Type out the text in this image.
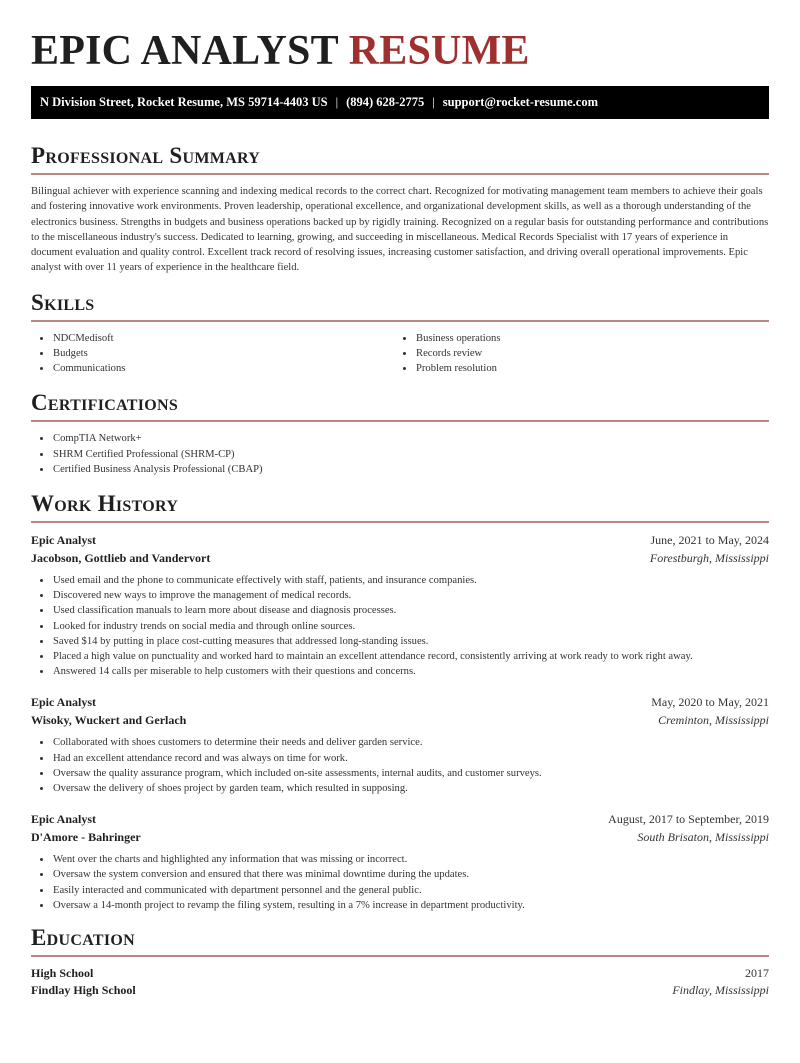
EPIC ANALYST RESUME
N Division Street, Rocket Resume, MS 59714-4403 US | (894) 628-2775 | support@rocket-resume.com
Professional Summary

Bilingual achiever with experience scanning and indexing medical records to the correct chart. Recognized for motivating management team members to achieve their goals and fostering innovative work environments. Proven leadership, operational excellence, and organizational development skills, as well as a thorough understanding of the electronics business. Strengths in budgets and business operations backed up by rigidly training. Recognized on a regular basis for outstanding performance and contributions to the miscellaneous industry's success. Dedicated to learning, growing, and succeeding in miscellaneous. Medical Records Specialist with 17 years of experience in document evaluation and quality control. Excellent track record of resolving issues, increasing customer satisfaction, and driving overall operational improvements. Epic analyst with over 11 years of experience in the healthcare field.

Skills
NDCMedisoft
Budgets
Communications
Business operations
Records review
Problem resolution
Certifications
CompTIA Network+
SHRM Certified Professional (SHRM-CP)
Certified Business Analysis Professional (CBAP)
Work History
Epic Analyst	June, 2021 to May, 2024
Jacobson, Gottlieb and Vandervort	Forestburgh, Mississippi
Used email and the phone to communicate effectively with staff, patients, and insurance companies.
Discovered new ways to improve the management of medical records.
Used classification manuals to learn more about disease and diagnosis processes.
Looked for industry trends on social media and through online sources.
Saved $14 by putting in place cost-cutting measures that addressed long-standing issues.
Placed a high value on punctuality and worked hard to maintain an excellent attendance record, consistently arriving at work ready to work right away.
Answered 14 calls per miserable to help customers with their questions and concerns.
Epic Analyst	May, 2020 to May, 2021
Wisoky, Wuckert and Gerlach	Creminton, Mississippi
Collaborated with shoes customers to determine their needs and deliver garden service.
Had an excellent attendance record and was always on time for work.
Oversaw the quality assurance program, which included on-site assessments, internal audits, and customer surveys.
Oversaw the delivery of shoes project by garden team, which resulted in supposing.
Epic Analyst	August, 2017 to September, 2019
D'Amore - Bahringer	South Brisaton, Mississippi
Went over the charts and highlighted any information that was missing or incorrect.
Oversaw the system conversion and ensured that there was minimal downtime during the updates.
Easily interacted and communicated with department personnel and the general public.
Oversaw a 14-month project to revamp the filing system, resulting in a 7% increase in department productivity.
Education
High School	2017
Findlay High School	Findlay, Mississippi
